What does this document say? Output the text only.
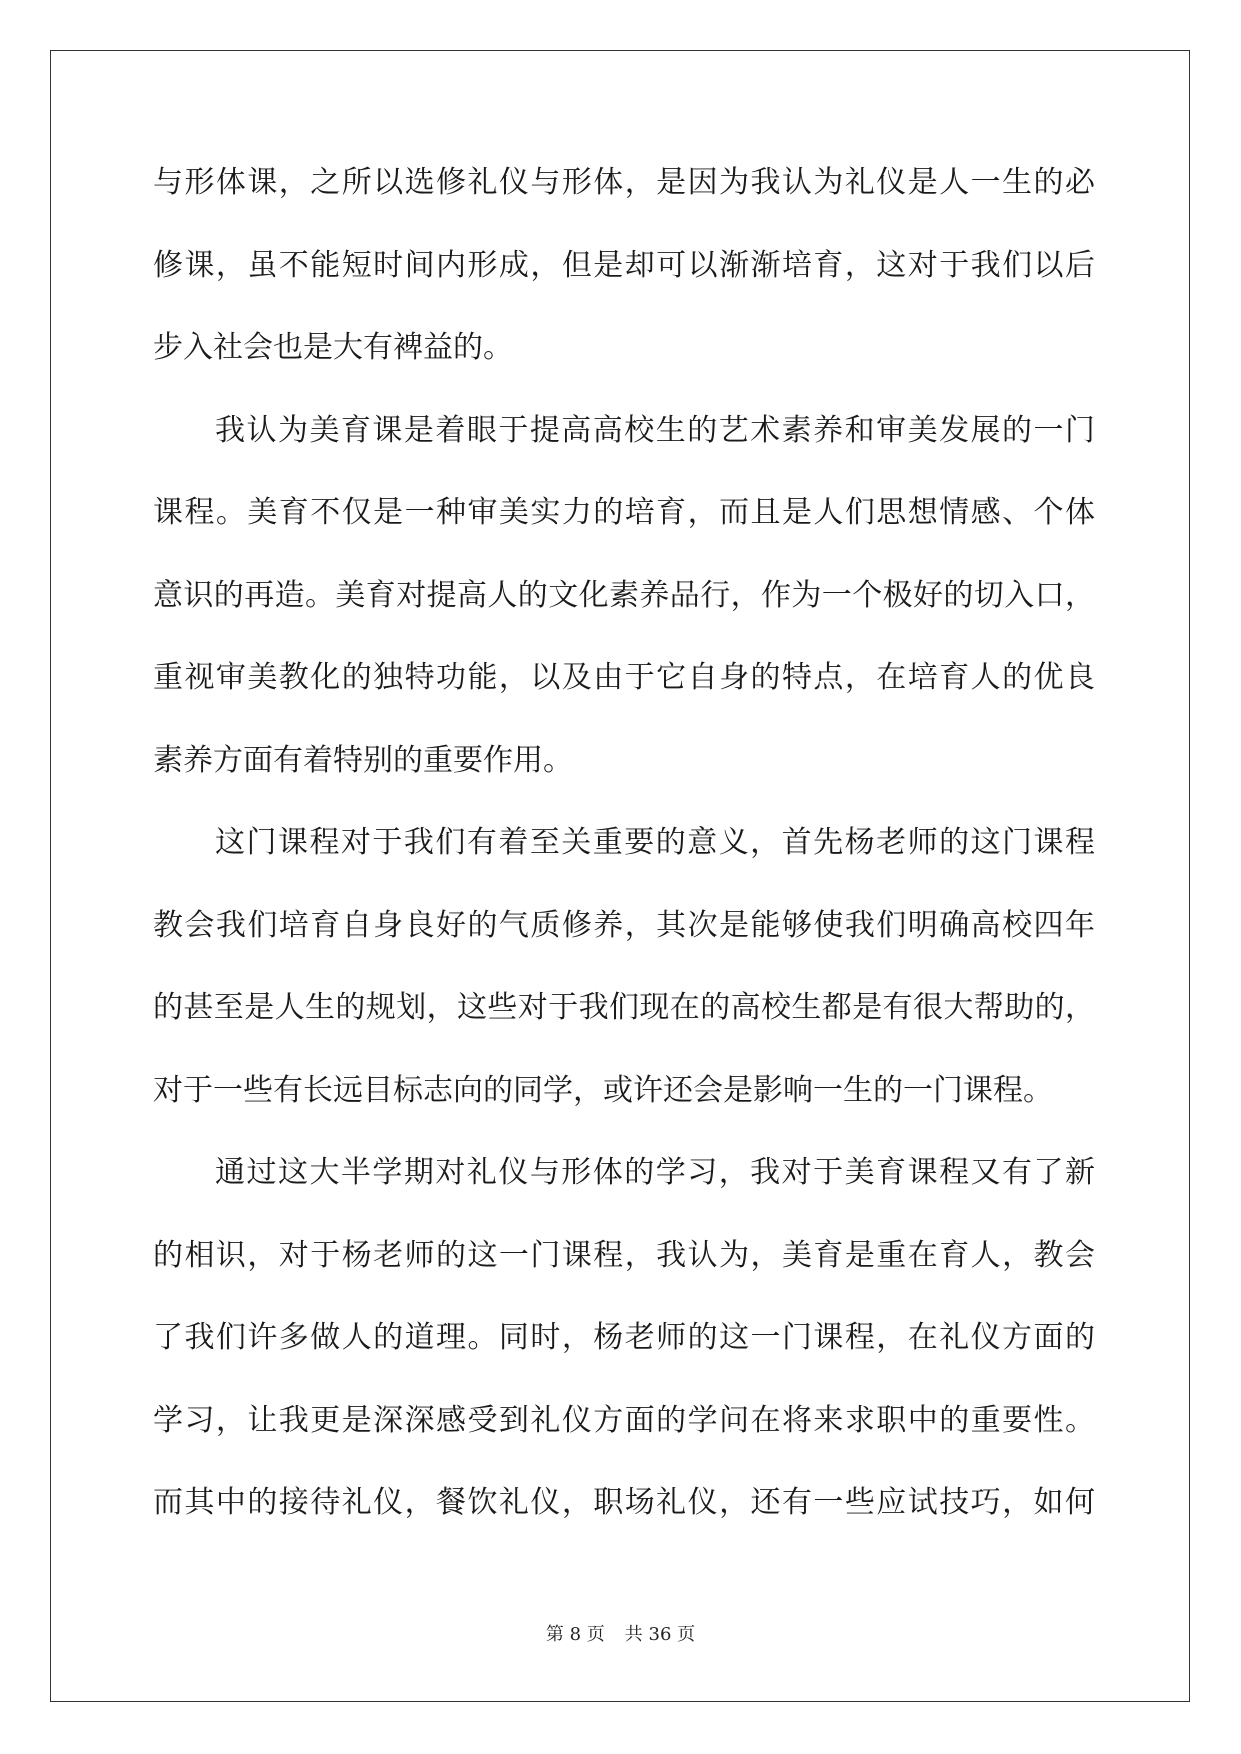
与形体课，之所以选修礼仪与形体，是因为我认为礼仪是人一生的必
修课，虽不能短时间内形成，但是却可以渐渐培育，这对于我们以后
步入社会也是大有裨益的。
我认为美育课是着眼于提高高校生的艺术素养和审美发展的一门
课程。美育不仅是一种审美实力的培育，而且是人们思想情感、个体
意识的再造。美育对提高人的文化素养品行，作为一个极好的切入口，
重视审美教化的独特功能，以及由于它自身的特点，在培育人的优良
素养方面有着特别的重要作用。
这门课程对于我们有着至关重要的意义，首先杨老师的这门课程
教会我们培育自身良好的气质修养，其次是能够使我们明确高校四年
的甚至是人生的规划，这些对于我们现在的高校生都是有很大帮助的，
对于一些有长远目标志向的同学，或许还会是影响一生的一门课程。
通过这大半学期对礼仪与形体的学习，我对于美育课程又有了新
的相识，对于杨老师的这一门课程，我认为，美育是重在育人，教会
了我们许多做人的道理。同时，杨老师的这一门课程，在礼仪方面的
学习，让我更是深深感受到礼仪方面的学问在将来求职中的重要性。
而其中的接待礼仪，餐饮礼仪，职场礼仪，还有一些应试技巧，如何
第 8 页 共 36 页
